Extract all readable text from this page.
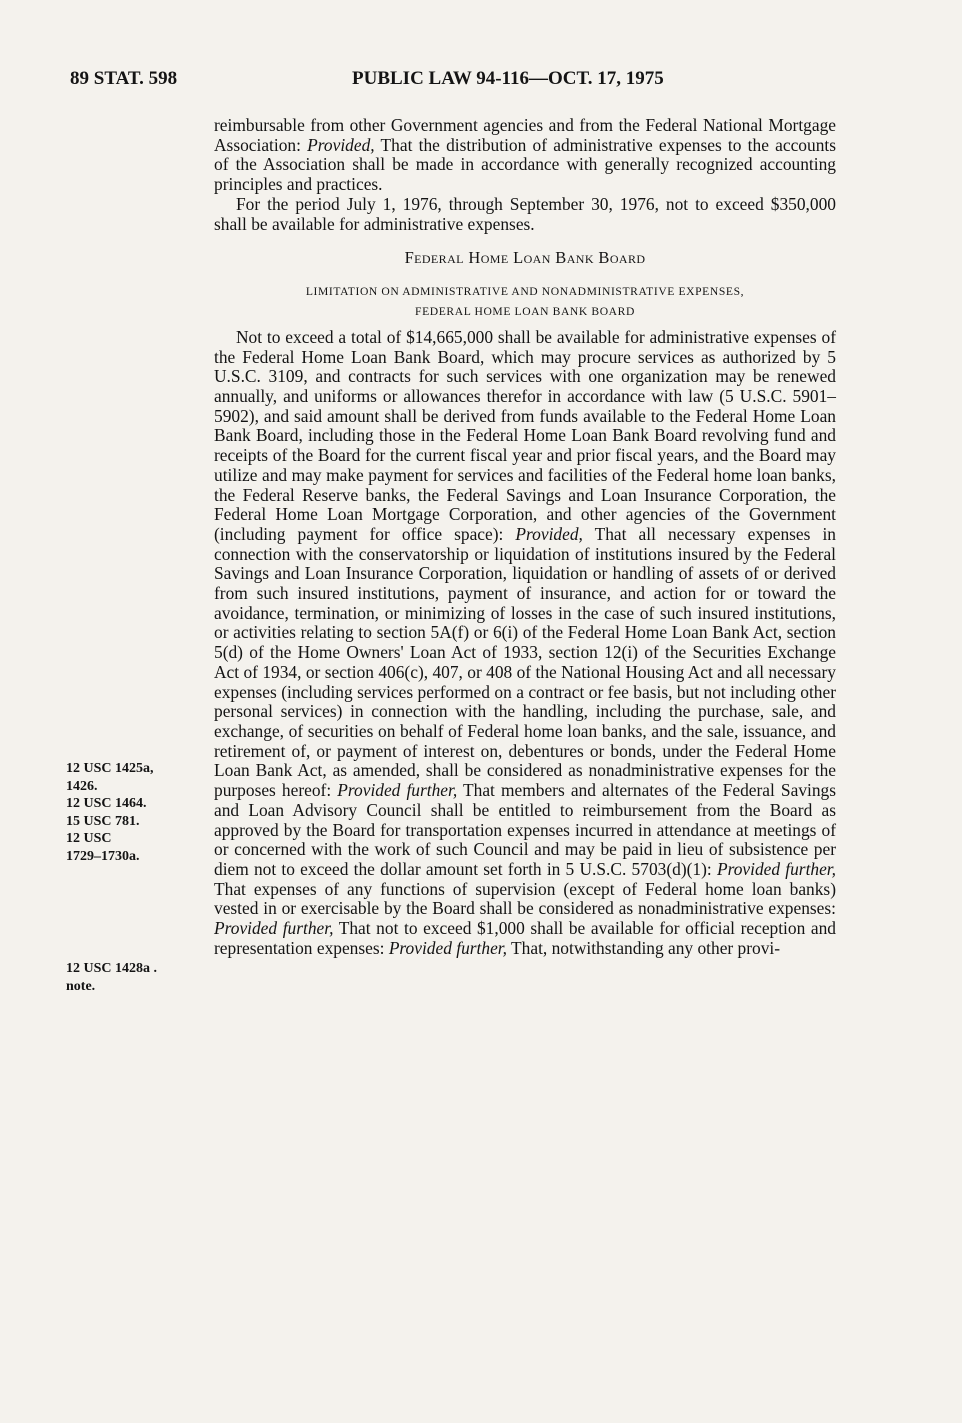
89 STAT. 598	PUBLIC LAW 94-116—OCT. 17, 1975
12 USC 1425a,
1426.
12 USC 1464.
15 USC 781.
12 USC
1729–1730a.
12 USC 1428a .
note.

reimbursable from other Government agencies and from the Federal National Mortgage Association: Provided, That the distribution of administrative expenses to the accounts of the Association shall be made in accordance with generally recognized accounting principles and practices.

For the period July 1, 1976, through September 30, 1976, not to exceed $350,000 shall be available for administrative expenses.

Federal Home Loan Bank Board

LIMITATION ON ADMINISTRATIVE AND NONADMINISTRATIVE EXPENSES,
FEDERAL HOME LOAN BANK BOARD

Not to exceed a total of $14,665,000 shall be available for administrative expenses of the Federal Home Loan Bank Board, which may procure services as authorized by 5 U.S.C. 3109, and contracts for such services with one organization may be renewed annually, and uniforms or allowances therefor in accordance with law (5 U.S.C. 5901–5902), and said amount shall be derived from funds available to the Federal Home Loan Bank Board, including those in the Federal Home Loan Bank Board revolving fund and receipts of the Board for the current fiscal year and prior fiscal years, and the Board may utilize and may make payment for services and facilities of the Federal home loan banks, the Federal Reserve banks, the Federal Savings and Loan Insurance Corporation, the Federal Home Loan Mortgage Corporation, and other agencies of the Government (including payment for office space): Provided, That all necessary expenses in connection with the conservatorship or liquidation of institutions insured by the Federal Savings and Loan Insurance Corporation, liquidation or handling of assets of or derived from such insured institutions, payment of insurance, and action for or toward the avoidance, termination, or minimizing of losses in the case of such insured institutions, or activities relating to section 5A(f) or 6(i) of the Federal Home Loan Bank Act, section 5(d) of the Home Owners' Loan Act of 1933, section 12(i) of the Securities Exchange Act of 1934, or section 406(c), 407, or 408 of the National Housing Act and all necessary expenses (including services performed on a contract or fee basis, but not including other personal services) in connection with the handling, including the purchase, sale, and exchange, of securities on behalf of Federal home loan banks, and the sale, issuance, and retirement of, or payment of interest on, debentures or bonds, under the Federal Home Loan Bank Act, as amended, shall be considered as nonadministrative expenses for the purposes hereof: Provided further, That members and alternates of the Federal Savings and Loan Advisory Council shall be entitled to reimbursement from the Board as approved by the Board for transportation expenses incurred in attendance at meetings of or concerned with the work of such Council and may be paid in lieu of subsistence per diem not to exceed the dollar amount set forth in 5 U.S.C. 5703(d)(1): Provided further, That expenses of any functions of supervision (except of Federal home loan banks) vested in or exercisable by the Board shall be considered as nonadministrative expenses: Provided further, That not to exceed $1,000 shall be available for official reception and representation expenses: Provided further, That, notwithstanding any other provi-
